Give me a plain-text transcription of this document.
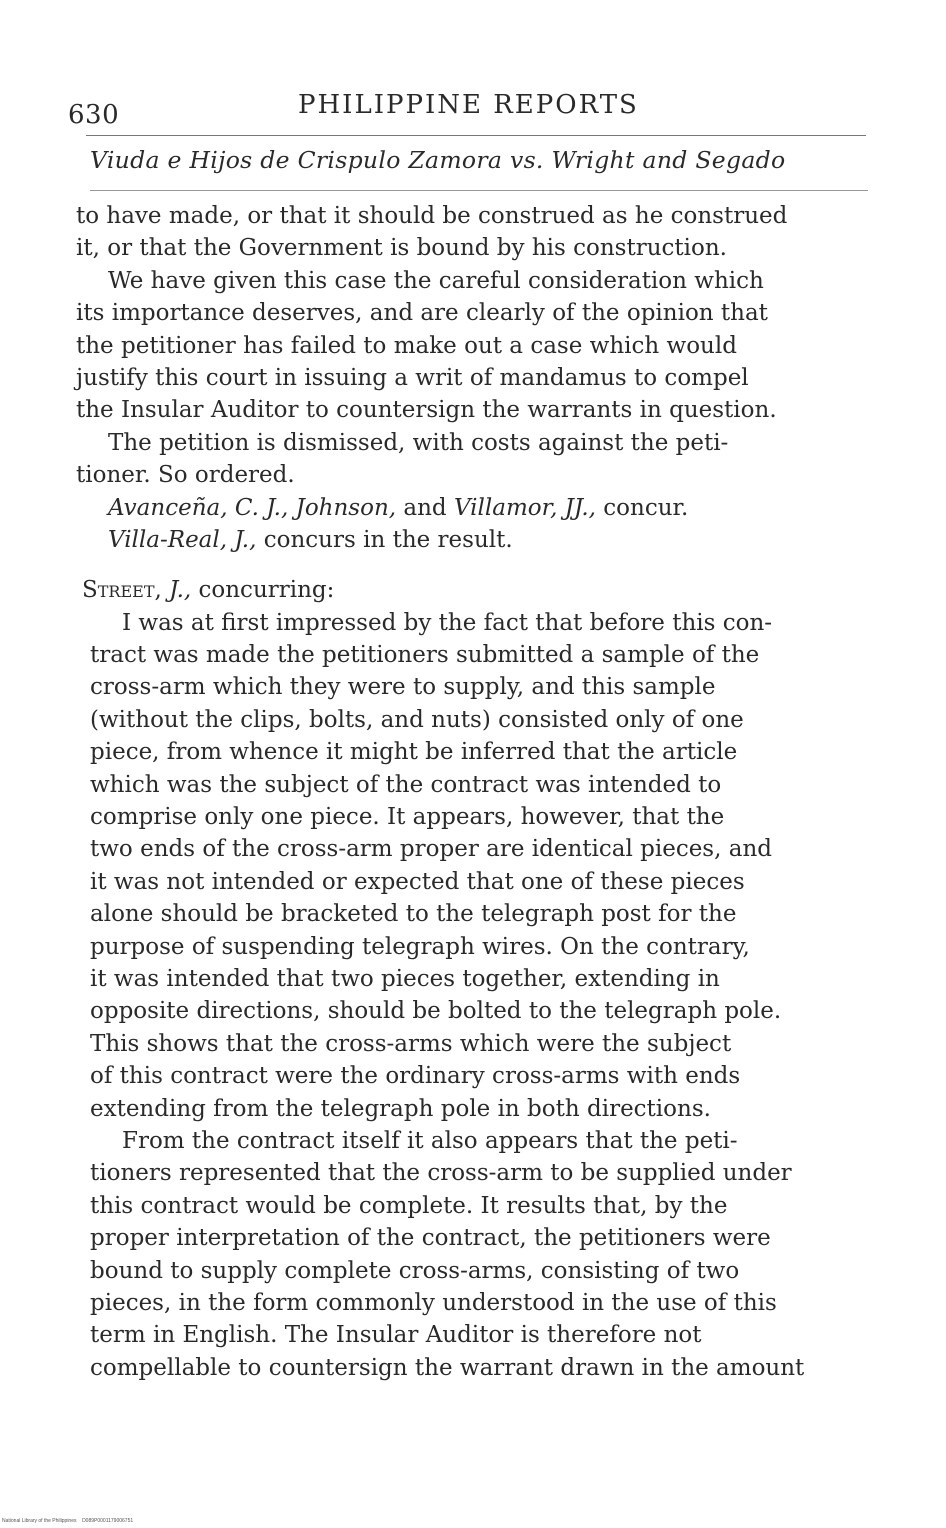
630	PHILIPPINE REPORTS
Viuda e Hijos de Crispulo Zamora vs. Wright and Segado
to have made, or that it should be construed as he construed
it, or that the Government is bound by his construction.
We have given this case the careful consideration which
its importance deserves, and are clearly of the opinion that
the petitioner has failed to make out a case which would
justify this court in issuing a writ of mandamus to compel
the Insular Auditor to countersign the warrants in question.
The petition is dismissed, with costs against the peti-
tioner. So ordered.
Avanceña, C. J., Johnson, and Villamor, JJ., concur.
Villa-Real, J., concurs in the result.
Street, J., concurring:
I was at first impressed by the fact that before this con-
tract was made the petitioners submitted a sample of the
cross-arm which they were to supply, and this sample
(without the clips, bolts, and nuts) consisted only of one
piece, from whence it might be inferred that the article
which was the subject of the contract was intended to
comprise only one piece. It appears, however, that the
two ends of the cross-arm proper are identical pieces, and
it was not intended or expected that one of these pieces
alone should be bracketed to the telegraph post for the
purpose of suspending telegraph wires. On the contrary,
it was intended that two pieces together, extending in
opposite directions, should be bolted to the telegraph pole.
This shows that the cross-arms which were the subject
of this contract were the ordinary cross-arms with ends
extending from the telegraph pole in both directions.
From the contract itself it also appears that the peti-
tioners represented that the cross-arm to be supplied under
this contract would be complete. It results that, by the
proper interpretation of the contract, the petitioners were
bound to supply complete cross-arms, consisting of two
pieces, in the form commonly understood in the use of this
term in English. The Insular Auditor is therefore not
compellable to countersign the warrant drawn in the amount
National Library of the Philippines D089P0001179006751
